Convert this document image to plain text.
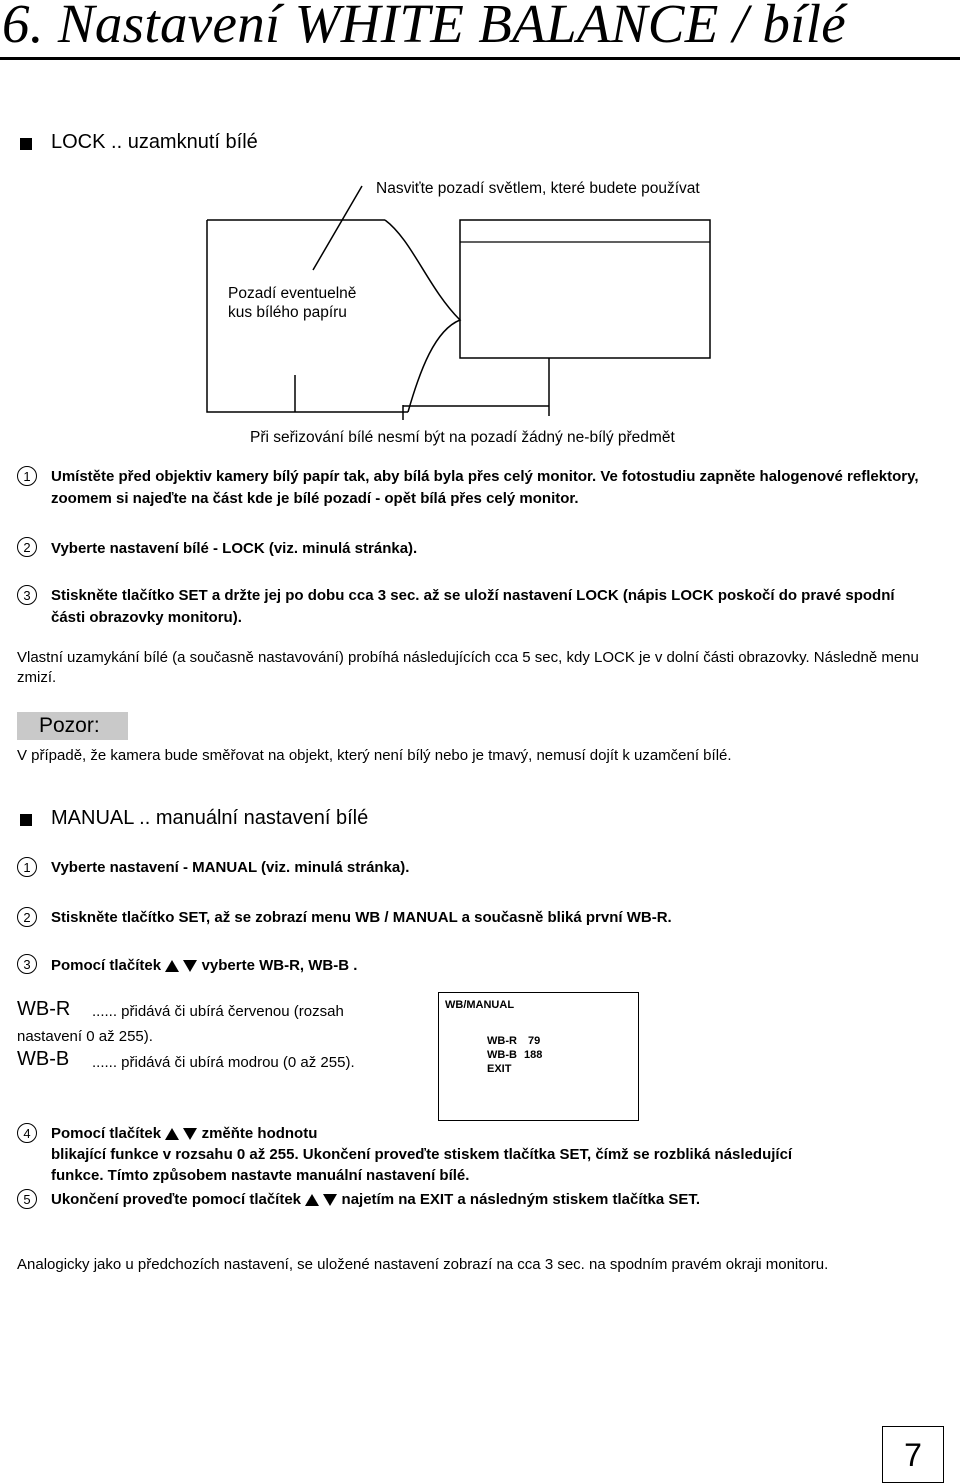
6. Nastavení WHITE BALANCE / bílé
LOCK .. uzamknutí bílé
Nasviťte pozadí světlem, které budete používat
Pozadí eventuelně
kus bílého papíru
Při seřizování bílé nesmí být na pozadí žádný ne-bílý předmět
1	Umístěte před objektiv kamery bílý papír tak, aby bílá byla přes celý monitor. Ve fotostudiu zapněte halogenové reflektory, zoomem si najeďte na část kde je bílé pozadí - opět bílá přes celý monitor.
2	Vyberte nastavení bílé - LOCK (viz. minulá stránka).
3	Stiskněte tlačítko SET a držte jej po dobu cca 3 sec. až se uloží nastavení LOCK (nápis LOCK poskočí do pravé spodní části obrazovky monitoru).
Vlastní uzamykání bílé (a současně nastavování) probíhá následujících cca 5 sec, kdy LOCK je v dolní části obrazovky. Následně menu zmizí.
Pozor:
V případě, že kamera bude směřovat na objekt, který není bílý nebo je tmavý, nemusí dojít k uzamčení bílé.
MANUAL .. manuální nastavení bílé
1	Vyberte nastavení - MANUAL (viz. minulá stránka).
2	Stiskněte tlačítko SET, až se zobrazí menu WB / MANUAL a současně bliká první WB-R.
3	Pomocí tlačítek	vyberte WB-R, WB-B .
WB-R ...... přidává či ubírá červenou (rozsah
nastavení 0 až 255).
WB-B ...... přidává či ubírá modrou (0 až 255).
WB/MANUAL
WB-R 79
WB-B 188
EXIT
4	Pomocí tlačítek	změňte hodnotu
blikající funkce v rozsahu 0 až 255. Ukončení proveďte stiskem tlačítka SET, čímž se rozbliká následující
funkce. Tímto způsobem nastavte manuální nastavení bílé.
5	Ukončení proveďte pomocí tlačítek	najetím na EXIT a následným stiskem tlačítka SET.
Analogicky jako u předchozích nastavení, se uložené nastavení zobrazí na cca 3 sec. na spodním pravém okraji monitoru.
7
